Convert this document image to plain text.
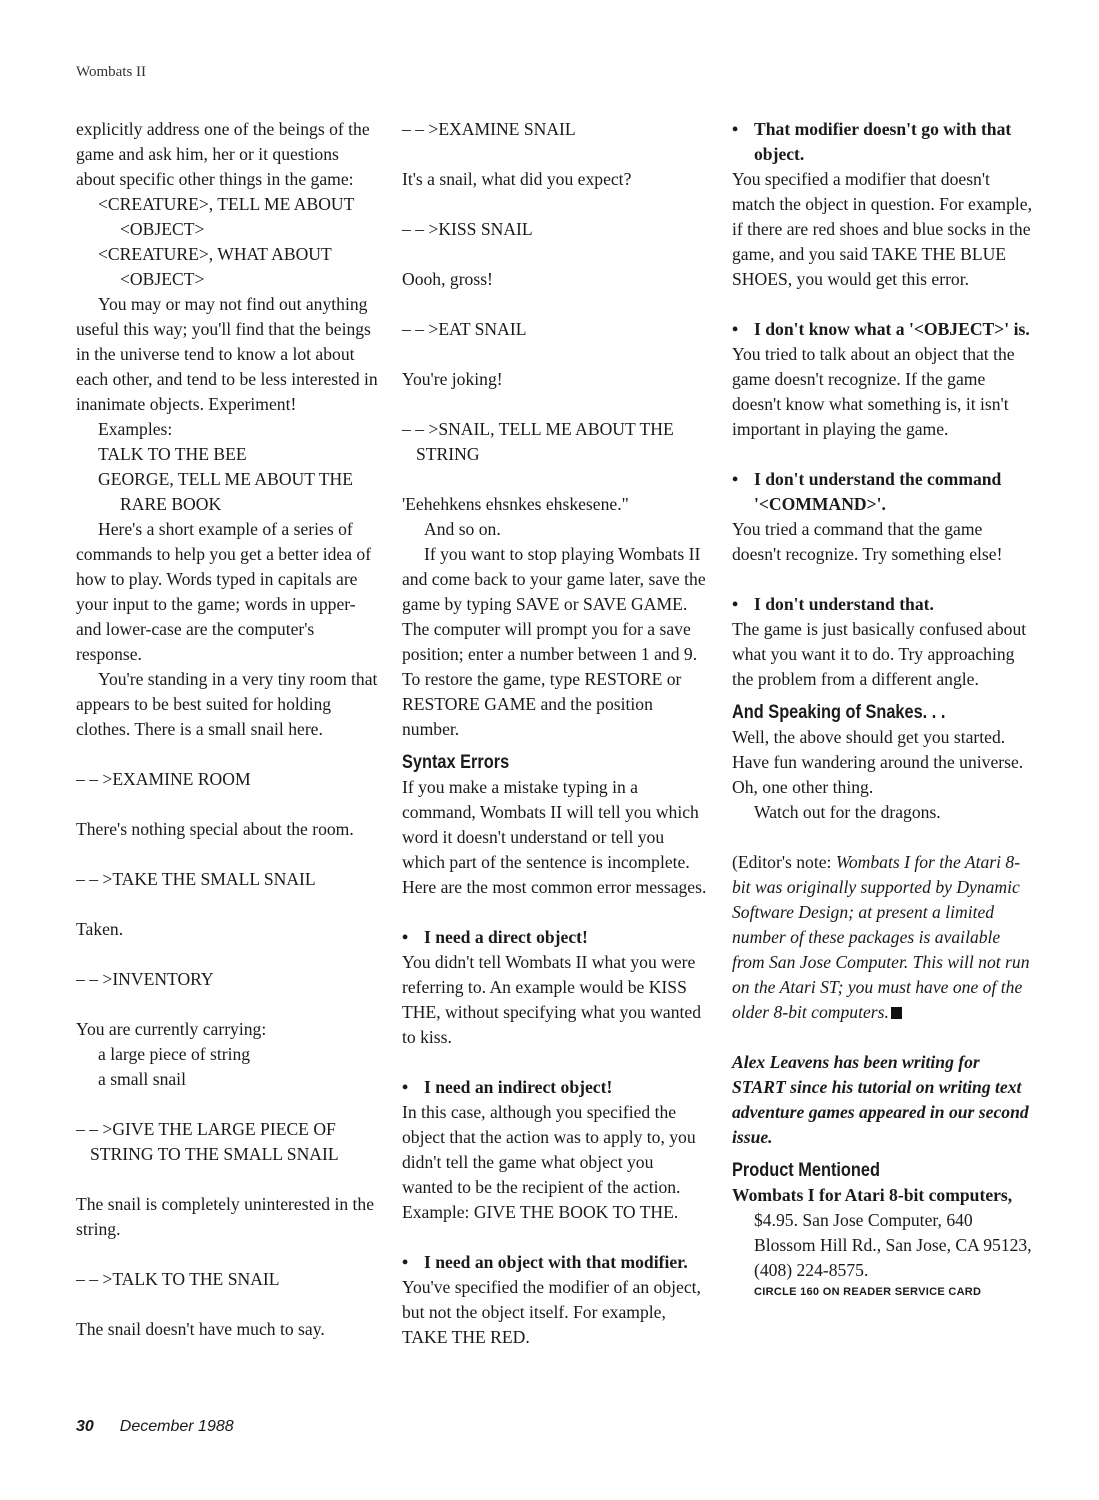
Wombats II

explicitly address one of the beings of the game and ask him, her or it questions about specific other things in the game:

<CREATURE>, TELL ME ABOUT

<OBJECT>

<CREATURE>, WHAT ABOUT

<OBJECT>

You may or may not find out anything useful this way; you'll find that the beings in the universe tend to know a lot about each other, and tend to be less interested in inanimate objects. Experiment!

Examples:

TALK TO THE BEE

GEORGE, TELL ME ABOUT THE

RARE BOOK

Here's a short example of a series of commands to help you get a better idea of how to play. Words typed in capitals are your input to the game; words in upper- and lower-case are the computer's response.

You're standing in a very tiny room that appears to be best suited for holding clothes. There is a small snail here.

– – >EXAMINE ROOM

There's nothing special about the room.

– – >TAKE THE SMALL SNAIL

Taken.

– – >INVENTORY

You are currently carrying:

a large piece of string

a small snail

– – >GIVE THE LARGE PIECE OF STRING TO THE SMALL SNAIL

The snail is completely uninterested in the string.

– – >TALK TO THE SNAIL

The snail doesn't have much to say.

– – >EXAMINE SNAIL

It's a snail, what did you expect?

– – >KISS SNAIL

Oooh, gross!

– – >EAT SNAIL

You're joking!

– – >SNAIL, TELL ME ABOUT THE STRING

'Eehehkens ehsnkes ehskesene."

And so on.

If you want to stop playing Wombats II and come back to your game later, save the game by typing SAVE or SAVE GAME. The computer will prompt you for a save position; enter a number between 1 and 9. To restore the game, type RESTORE or RESTORE GAME and the position number.

Syntax Errors

If you make a mistake typing in a command, Wombats II will tell you which word it doesn't understand or tell you which part of the sentence is incomplete. Here are the most common error messages.

• I need a direct object!

You didn't tell Wombats II what you were referring to. An example would be KISS THE, without specifying what you wanted to kiss.

• I need an indirect object!

In this case, although you specified the object that the action was to apply to, you didn't tell the game what object you wanted to be the recipient of the action. Example: GIVE THE BOOK TO THE.

• I need an object with that modifier.

You've specified the modifier of an object, but not the object itself. For example, TAKE THE RED.

• That modifier doesn't go with that object.

You specified a modifier that doesn't match the object in question. For example, if there are red shoes and blue socks in the game, and you said TAKE THE BLUE SHOES, you would get this error.

• I don't know what a '<OBJECT>' is.

You tried to talk about an object that the game doesn't recognize. If the game doesn't know what something is, it isn't important in playing the game.

• I don't understand the command '<COMMAND>'.

You tried a command that the game doesn't recognize. Try something else!

• I don't understand that.

The game is just basically confused about what you want it to do. Try approaching the problem from a different angle.

And Speaking of Snakes. . .

Well, the above should get you started. Have fun wandering around the universe. Oh, one other thing.

Watch out for the dragons.

(Editor's note: Wombats I for the Atari 8-bit was originally supported by Dynamic Software Design; at present a limited number of these packages is available from San Jose Computer. This will not run on the Atari ST; you must have one of the older 8-bit computers.

Alex Leavens has been writing for START since his tutorial on writing text adventure games appeared in our second issue.

Product Mentioned

Wombats I for Atari 8-bit computers,

$4.95. San Jose Computer, 640 Blossom Hill Rd., San Jose, CA 95123, (408) 224-8575.

CIRCLE 160 ON READER SERVICE CARD

30 December 1988
